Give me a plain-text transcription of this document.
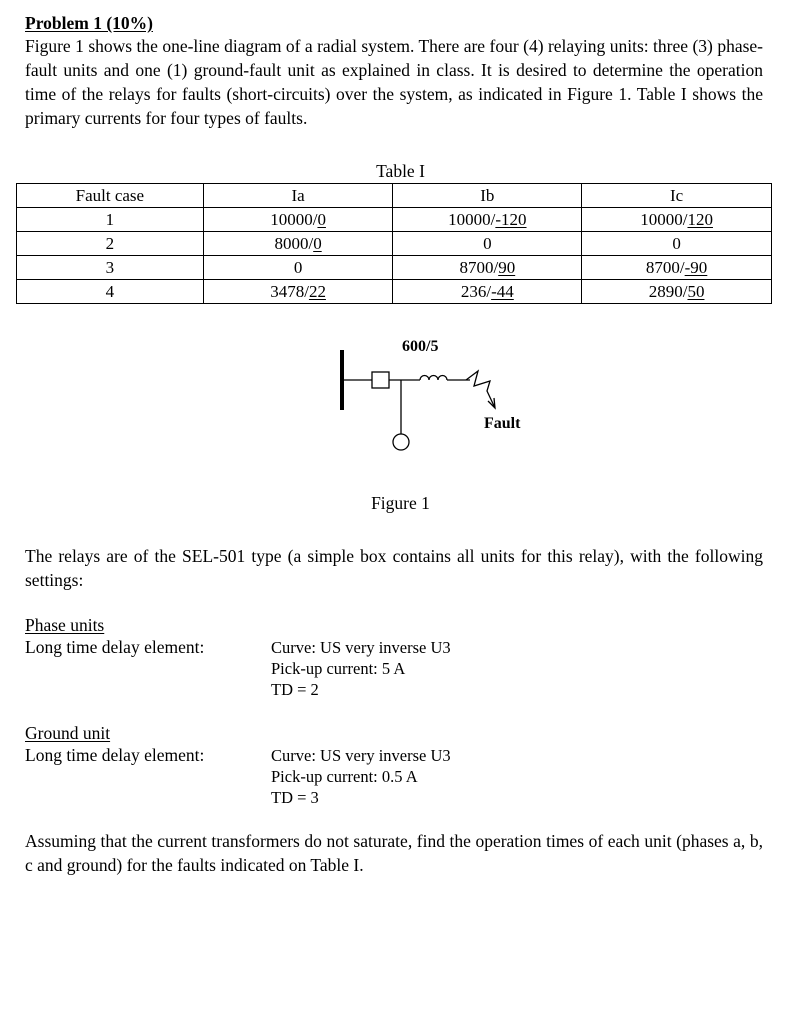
Problem 1 (10%)
Figure 1 shows the one-line diagram of a radial system. There are four (4) relaying units: three (3) phase-fault units and one (1) ground-fault unit as explained in class. It is desired to determine the operation time of the relays for faults (short-circuits) over the system, as indicated in Figure 1. Table I shows the primary currents for four types of faults.
Table I
Fault case	Ia	Ib	Ic
1	10000/0	10000/-120	10000/120
2	8000/0	0	0
3	0	8700/90	8700/-90
4	3478/22	236/-44	2890/50
600/5
Fault
Figure 1
The relays are of the SEL-501 type (a simple box contains all units for this relay), with the following settings:
Phase units
Long time delay element:	Curve: US very inverse U3
Pick-up current: 5 A
TD = 2
Ground unit
Long time delay element:	Curve: US very inverse U3
Pick-up current: 0.5 A
TD = 3
Assuming that the current transformers do not saturate, find the operation times of each unit (phases a, b, c and ground) for the faults indicated on Table I.
